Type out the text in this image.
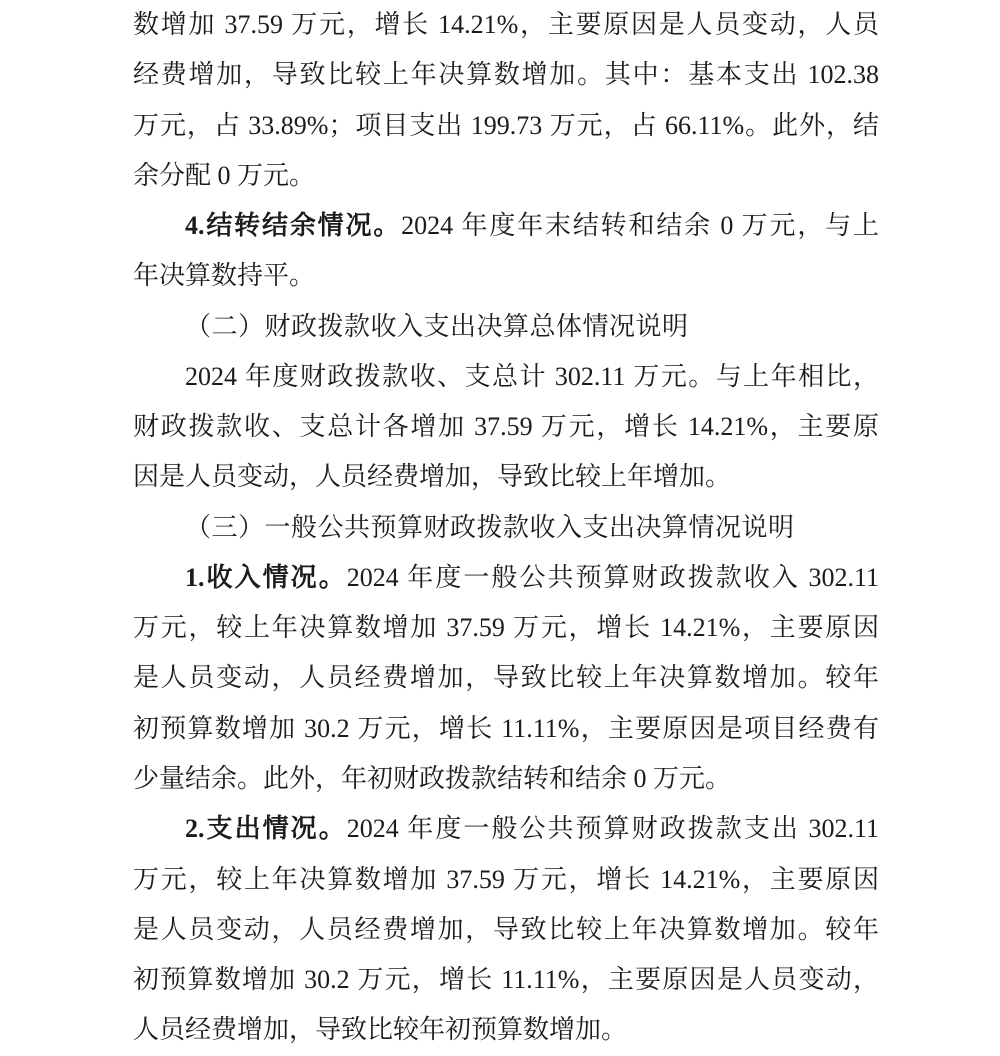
数增加 37.59 万元，增长 14.21%，主要原因是人员变动，人员
经费增加，导致比较上年决算数增加。其中：基本支出 102.38
万元，占 33.89%；项目支出 199.73 万元，占 66.11%。此外，结
余分配 0 万元。
4.结转结余情况。2024 年度年末结转和结余 0 万元，与上
年决算数持平。
（二）财政拨款收入支出决算总体情况说明
2024 年度财政拨款收、支总计 302.11 万元。与上年相比，
财政拨款收、支总计各增加 37.59 万元，增长 14.21%，主要原
因是人员变动，人员经费增加，导致比较上年增加。
（三）一般公共预算财政拨款收入支出决算情况说明
1.收入情况。2024 年度一般公共预算财政拨款收入 302.11
万元，较上年决算数增加 37.59 万元，增长 14.21%，主要原因
是人员变动，人员经费增加，导致比较上年决算数增加。较年
初预算数增加 30.2 万元，增长 11.11%，主要原因是项目经费有
少量结余。此外，年初财政拨款结转和结余 0 万元。
2.支出情况。2024 年度一般公共预算财政拨款支出 302.11
万元，较上年决算数增加 37.59 万元，增长 14.21%，主要原因
是人员变动，人员经费增加，导致比较上年决算数增加。较年
初预算数增加 30.2 万元，增长 11.11%，主要原因是人员变动，
人员经费增加，导致比较年初预算数增加。
